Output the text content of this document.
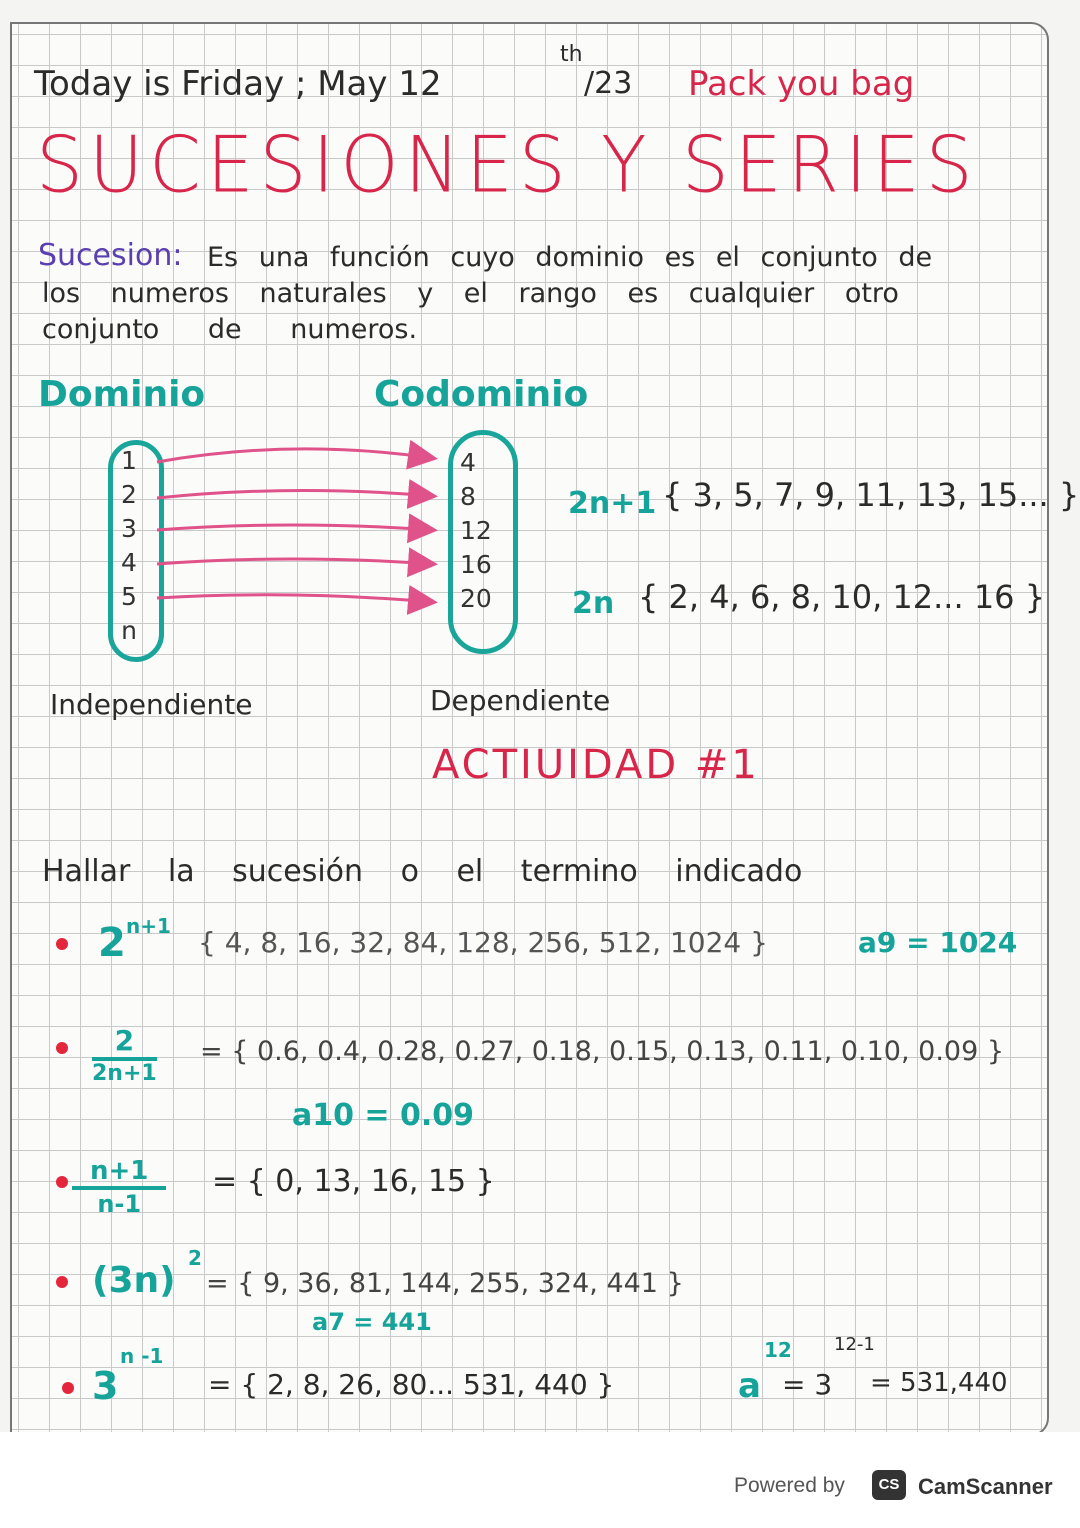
Today is Friday ; May 12
th
/23 Pack you bag
SUCESIONES Y SERIES
Sucesion: Es una función cuyo dominio es el conjunto de
los numeros naturales y el rango es cualquier otro
conjunto de numeros.
Dominio	Codominio
1
2
3
4
5
n
4
8
12
16
20
2n+1 { 3, 5, 7, 9, 11, 13, 15... }
2n { 2, 4, 6, 8, 10, 12... 16 }
Independiente	Dependiente
ACTIUIDAD #1
Hallar la sucesión o el termino indicado
2 n+1 { 4, 8, 16, 32, 84, 128, 256, 512, 1024 }	a9 = 1024
2
2n+1
= { 0.6, 0.4, 0.28, 0.27, 0.18, 0.15, 0.13, 0.11, 0.10, 0.09 }
a10 = 0.09
$\frac{n+1}{n-1}$ = { 0, 13, 16, 15 }
(3n)
2
= { 9, 36, 81, 144, 255, 324, 441 }
a7 = 441
3
n -1
= { 2, 8, 26, 80... 531, 440 }	a
12
= 3
12-1
= 531,440
Powered by	CamScanner
CS
